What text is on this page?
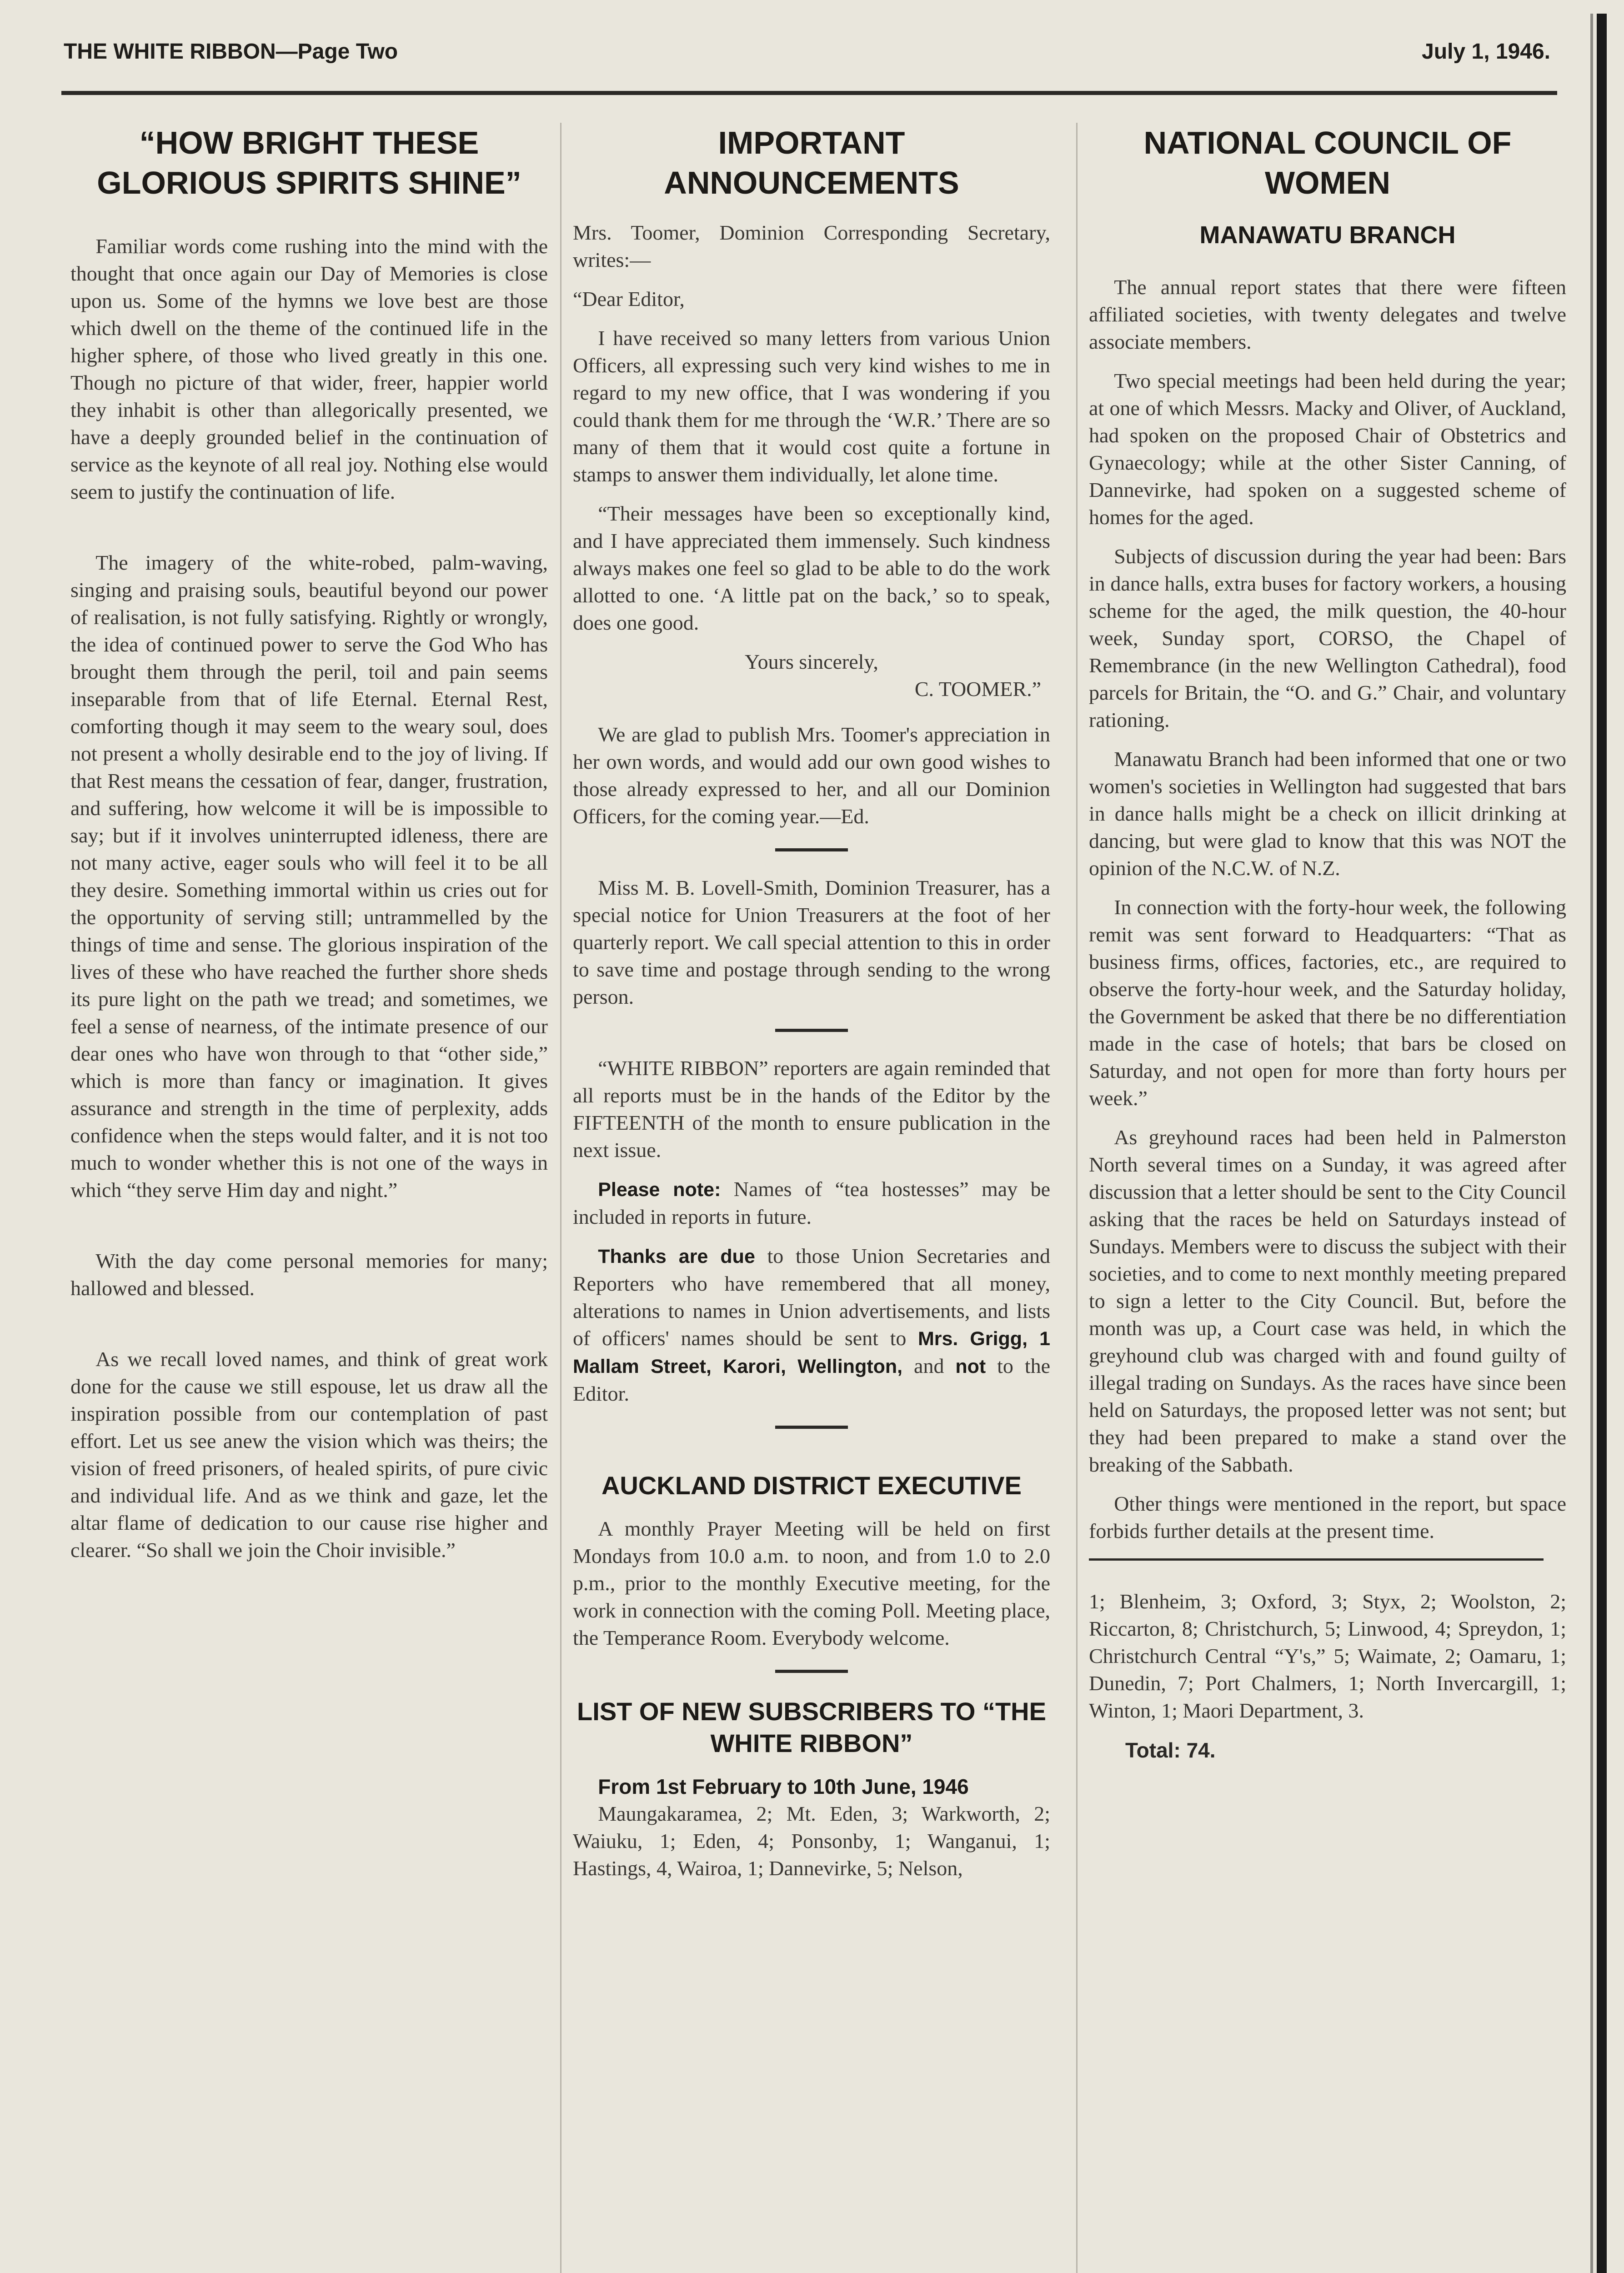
THE WHITE RIBBON—Page Two	July 1, 1946.
“HOW BRIGHT THESE GLORIOUS SPIRITS SHINE”

Familiar words come rushing into the mind with the thought that once again our Day of Memories is close upon us. Some of the hymns we love best are those which dwell on the theme of the continued life in the higher sphere, of those who lived greatly in this one. Though no picture of that wider, freer, happier world they inhabit is other than allegorically presented, we have a deeply grounded belief in the continuation of service as the keynote of all real joy. Nothing else would seem to justify the continuation of life.

The imagery of the white-robed, palm-waving, singing and praising souls, beautiful beyond our power of realisation, is not fully satisfying. Rightly or wrongly, the idea of continued power to serve the God Who has brought them through the peril, toil and pain seems inseparable from that of life Eternal. Eternal Rest, comforting though it may seem to the weary soul, does not present a wholly desirable end to the joy of living. If that Rest means the cessation of fear, danger, frustration, and suffering, how welcome it will be is impossible to say; but if it involves uninterrupted idleness, there are not many active, eager souls who will feel it to be all they desire. Something immortal within us cries out for the opportunity of serving still; untrammelled by the things of time and sense. The glorious inspiration of the lives of these who have reached the further shore sheds its pure light on the path we tread; and sometimes, we feel a sense of nearness, of the intimate presence of our dear ones who have won through to that “other side,” which is more than fancy or imagination. It gives assurance and strength in the time of perplexity, adds confidence when the steps would falter, and it is not too much to wonder whether this is not one of the ways in which “they serve Him day and night.”

With the day come personal memories for many; hallowed and blessed.

As we recall loved names, and think of great work done for the cause we still espouse, let us draw all the inspiration possible from our contemplation of past effort. Let us see anew the vision which was theirs; the vision of freed prisoners, of healed spirits, of pure civic and individual life. And as we think and gaze, let the altar flame of dedication to our cause rise higher and clearer. “So shall we join the Choir invisible.”

IMPORTANT ANNOUNCEMENTS

Mrs. Toomer, Dominion Corresponding Secretary, writes:—

“Dear Editor,

I have received so many letters from various Union Officers, all expressing such very kind wishes to me in regard to my new office, that I was wondering if you could thank them for me through the ‘W.R.’ There are so many of them that it would cost quite a fortune in stamps to answer them individually, let alone time.

“Their messages have been so exceptionally kind, and I have appreciated them immensely. Such kindness always makes one feel so glad to be able to do the work allotted to one. ‘A little pat on the back,’ so to speak, does one good.

Yours sincerely,

C. TOOMER.”

We are glad to publish Mrs. Toomer's appreciation in her own words, and would add our own good wishes to those already expressed to her, and all our Dominion Officers, for the coming year.—Ed.

Miss M. B. Lovell-Smith, Dominion Treasurer, has a special notice for Union Treasurers at the foot of her quarterly report. We call special attention to this in order to save time and postage through sending to the wrong person.

“WHITE RIBBON” reporters are again reminded that all reports must be in the hands of the Editor by the FIFTEENTH of the month to ensure publication in the next issue.

Please note: Names of “tea hostesses” may be included in reports in future.

Thanks are due to those Union Secretaries and Reporters who have remembered that all money, alterations to names in Union advertisements, and lists of officers' names should be sent to Mrs. Grigg, 1 Mallam Street, Karori, Wellington, and not to the Editor.

AUCKLAND DISTRICT EXECUTIVE

A monthly Prayer Meeting will be held on first Mondays from 10.0 a.m. to noon, and from 1.0 to 2.0 p.m., prior to the monthly Executive meeting, for the work in connection with the coming Poll. Meeting place, the Temperance Room. Everybody welcome.

LIST OF NEW SUBSCRIBERS TO “THE WHITE RIBBON”

From 1st February to 10th June, 1946

Maungakaramea, 2; Mt. Eden, 3; Warkworth, 2; Waiuku, 1; Eden, 4; Ponsonby, 1; Wanganui, 1; Hastings, 4, Wairoa, 1; Dannevirke, 5; Nelson,

NATIONAL COUNCIL OF WOMEN
MANAWATU BRANCH

The annual report states that there were fifteen affiliated societies, with twenty delegates and twelve associate members.

Two special meetings had been held during the year; at one of which Messrs. Macky and Oliver, of Auckland, had spoken on the proposed Chair of Obstetrics and Gynaecology; while at the other Sister Canning, of Dannevirke, had spoken on a suggested scheme of homes for the aged.

Subjects of discussion during the year had been: Bars in dance halls, extra buses for factory workers, a housing scheme for the aged, the milk question, the 40-hour week, Sunday sport, CORSO, the Chapel of Remembrance (in the new Wellington Cathedral), food parcels for Britain, the “O. and G.” Chair, and voluntary rationing.

Manawatu Branch had been informed that one or two women's societies in Wellington had suggested that bars in dance halls might be a check on illicit drinking at dancing, but were glad to know that this was NOT the opinion of the N.C.W. of N.Z.

In connection with the forty-hour week, the following remit was sent forward to Headquarters: “That as business firms, offices, factories, etc., are required to observe the forty-hour week, and the Saturday holiday, the Government be asked that there be no differentiation made in the case of hotels; that bars be closed on Saturday, and not open for more than forty hours per week.”

As greyhound races had been held in Palmerston North several times on a Sunday, it was agreed after discussion that a letter should be sent to the City Council asking that the races be held on Saturdays instead of Sundays. Members were to discuss the subject with their societies, and to come to next monthly meeting prepared to sign a letter to the City Council. But, before the month was up, a Court case was held, in which the greyhound club was charged with and found guilty of illegal trading on Sundays. As the races have since been held on Saturdays, the proposed letter was not sent; but they had been prepared to make a stand over the breaking of the Sabbath.

Other things were mentioned in the report, but space forbids further details at the present time.

1; Blenheim, 3; Oxford, 3; Styx, 2; Woolston, 2; Riccarton, 8; Christchurch, 5; Linwood, 4; Spreydon, 1; Christchurch Central “Y's,” 5; Waimate, 2; Oamaru, 1; Dunedin, 7; Port Chalmers, 1; North Invercargill, 1; Winton, 1; Maori Department, 3.

Total: 74.
